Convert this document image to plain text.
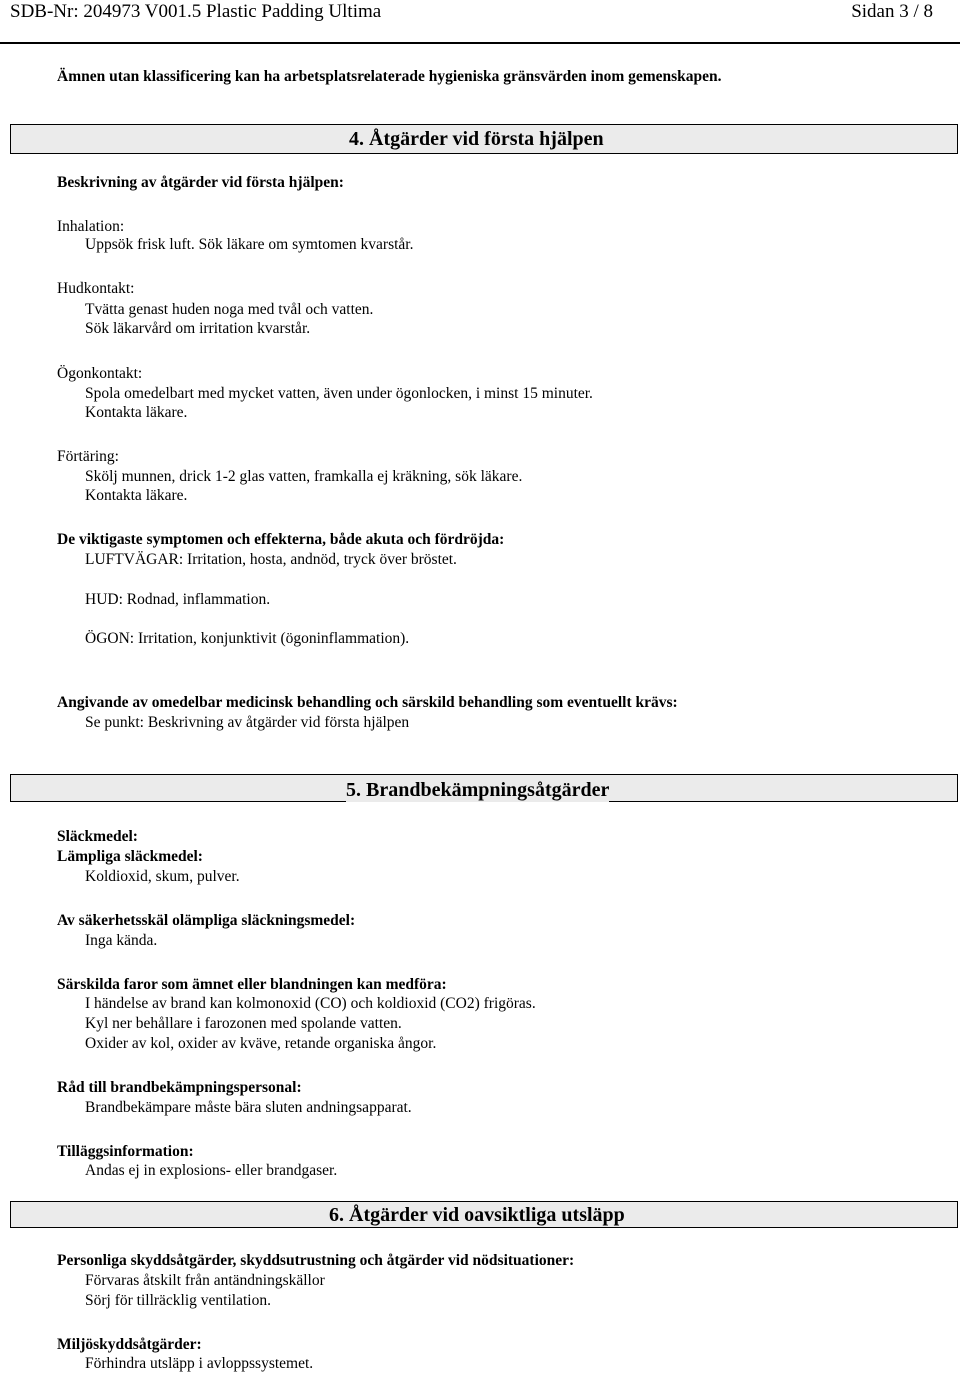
SDB-Nr: 204973 V001.5 Plastic Padding Ultima	Sidan 3 / 8
Ämnen utan klassificering kan ha arbetsplatsrelaterade hygieniska gränsvärden inom gemenskapen.
4. Åtgärder vid första hjälpen
Beskrivning av åtgärder vid första hjälpen:
Inhalation:
Uppsök frisk luft. Sök läkare om symtomen kvarstår.
Hudkontakt:
Tvätta genast huden noga med tvål och vatten.
Sök läkarvård om irritation kvarstår.
Ögonkontakt:
Spola omedelbart med mycket vatten, även under ögonlocken, i minst 15 minuter.
Kontakta läkare.
Förtäring:
Skölj munnen, drick 1-2 glas vatten, framkalla ej kräkning, sök läkare.
Kontakta läkare.
De viktigaste symptomen och effekterna, både akuta och fördröjda:
LUFTVÄGAR: Irritation, hosta, andnöd, tryck över bröstet.
HUD: Rodnad, inflammation.
ÖGON: Irritation, konjunktivit (ögoninflammation).
Angivande av omedelbar medicinsk behandling och särskild behandling som eventuellt krävs:
Se punkt: Beskrivning av åtgärder vid första hjälpen
5. Brandbekämpningsåtgärder
Släckmedel:
Lämpliga släckmedel:
Koldioxid, skum, pulver.
Av säkerhetsskäl olämpliga släckningsmedel:
Inga kända.
Särskilda faror som ämnet eller blandningen kan medföra:
I händelse av brand kan kolmonoxid (CO) och koldioxid (CO2) frigöras.
Kyl ner behållare i farozonen med spolande vatten.
Oxider av kol, oxider av kväve, retande organiska ångor.
Råd till brandbekämpningspersonal:
Brandbekämpare måste bära sluten andningsapparat.
Tilläggsinformation:
Andas ej in explosions- eller brandgaser.
6. Åtgärder vid oavsiktliga utsläpp
Personliga skyddsåtgärder, skyddsutrustning och åtgärder vid nödsituationer:
Förvaras åtskilt från antändningskällor
Sörj för tillräcklig ventilation.
Miljöskyddsåtgärder:
Förhindra utsläpp i avloppssystemet.
